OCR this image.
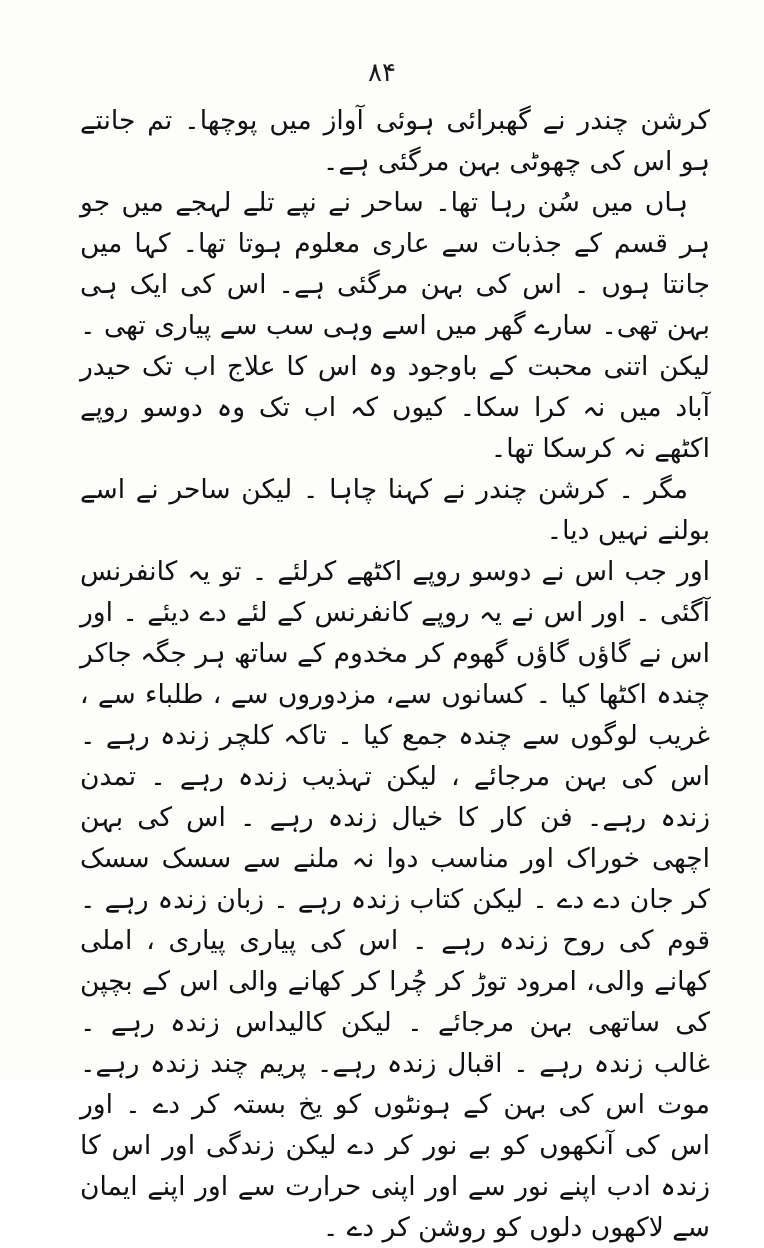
۸۴

کرشن چندر نے گھبرائی ہوئی آواز میں پوچھا۔ تم جانتے ہو اس کی چھوٹی بہن مرگئی ہے۔

ہاں میں سُن رہا تھا۔ ساحر نے نپے تلے لہجے میں جو ہر قسم کے جذبات سے عاری معلوم ہوتا تھا۔ کہا میں جانتا ہوں ۔ اس کی بہن مرگئی ہے۔ اس کی ایک ہی بہن تھی۔ سارے گھر میں اسے وہی سب سے پیاری تھی ۔ لیکن اتنی محبت کے باوجود وہ اس کا علاج اب تک حیدر آباد میں نہ کرا سکا۔ کیوں کہ اب تک وہ دوسو روپے اکٹھے نہ کرسکا تھا۔

مگر ۔ کرشن چندر نے کہنا چاہا ۔ لیکن ساحر نے اسے بولنے نہیں دیا۔

اور جب اس نے دوسو روپے اکٹھے کرلئے ۔ تو یہ کانفرنس آگئی ۔ اور اس نے یہ روپے کانفرنس کے لئے دے دیئے ۔ اور اس نے گاؤں گاؤں گھوم کر مخدوم کے ساتھ ہر جگہ جاکر چندہ اکٹھا کیا ۔ کسانوں سے، مزدوروں سے ، طلباء سے ، غریب لوگوں سے چندہ جمع کیا ۔ تاکہ کلچر زندہ رہے ۔ اس کی بہن مرجائے ، لیکن تہذیب زندہ رہے ۔ تمدن زندہ رہے۔ فن کار کا خیال زندہ رہے ۔ اس کی بہن اچھی خوراک اور مناسب دوا نہ ملنے سے سسک سسک کر جان دے دے ۔ لیکن کتاب زندہ رہے ۔ زبان زندہ رہے ۔ قوم کی روح زندہ رہے ۔ اس کی پیاری پیاری ، املی کھانے والی، امرود توڑ کر چُرا کر کھانے والی اس کے بچپن کی ساتھی بہن مرجائے ۔ لیکن کالیداس زندہ رہے ۔ غالب زندہ رہے ۔ اقبال زندہ رہے۔ پریم چند زندہ رہے۔ موت اس کی بہن کے ہونٹوں کو یخ بستہ کر دے ۔ اور اس کی آنکھوں کو بے نور کر دے لیکن زندگی اور اس کا زندہ ادب اپنے نور سے اور اپنی حرارت سے اور اپنے ایمان سے لاکھوں دلوں کو روشن کر دے ۔
